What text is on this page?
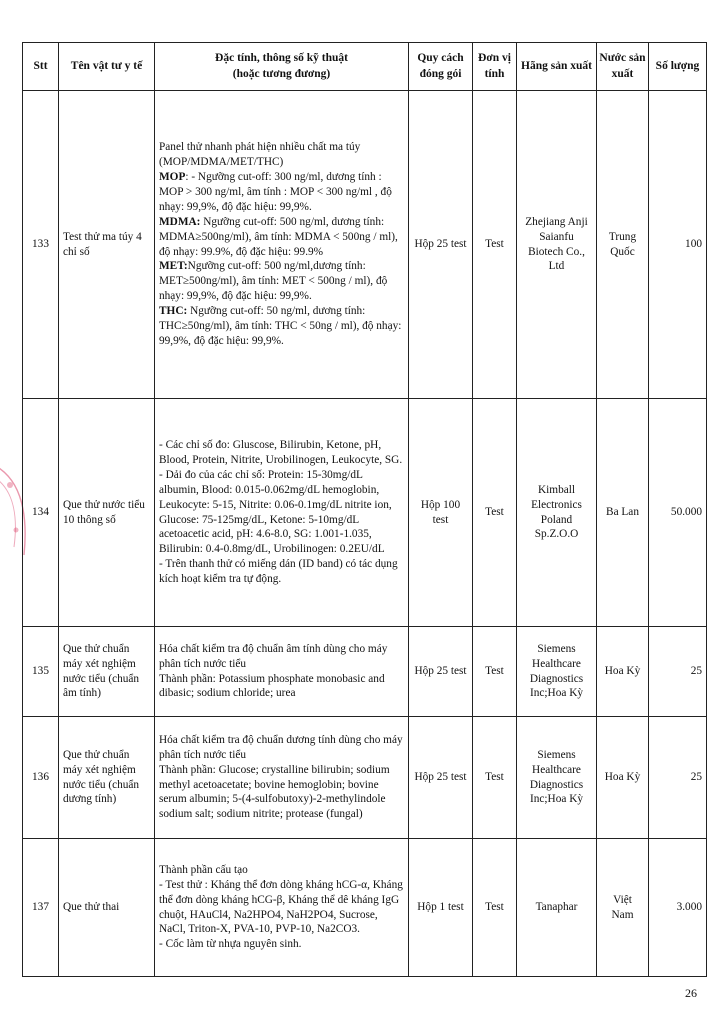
Stt	Tên vật tư y tế	Đặc tính, thông số kỹ thuật
(hoặc tương đương)	Quy cách đóng gói	Đơn vị tính	Hãng sản xuất	Nước sản xuất	Số lượng
133	Test thử ma túy 4 chỉ số	Panel thử nhanh phát hiện nhiều chất ma túy (MOP/MDMA/MET/THC)
MOP: - Ngưỡng cut-off: 300 ng/ml, dương tính : MOP > 300 ng/ml, âm tính : MOP < 300 ng/ml , độ nhạy: 99,9%, độ đặc hiệu: 99,9%.
MDMA: Ngưỡng cut-off: 500 ng/ml, dương tính: MDMA≥500ng/ml), âm tính: MDMA < 500ng / ml), độ nhạy: 99.9%, độ đặc hiệu: 99.9%
MET:Ngưỡng cut-off: 500 ng/ml,dương tính: MET≥500ng/ml), âm tính: MET < 500ng / ml), độ nhạy: 99,9%, độ đặc hiệu: 99,9%.
THC: Ngưỡng cut-off: 50 ng/ml, dương tính: THC≥50ng/ml), âm tính: THC < 50ng / ml), độ nhạy: 99,9%, độ đặc hiệu: 99,9%.	Hộp 25 test	Test	Zhejiang Anji Saianfu Biotech Co., Ltd	Trung Quốc	100
134	Que thử nước tiểu 10 thông số	- Các chỉ số đo: Gluscose, Bilirubin, Ketone, pH, Blood, Protein, Nitrite, Urobilinogen, Leukocyte, SG.
- Dải đo của các chỉ số: Protein: 15-30mg/dL albumin, Blood: 0.015-0.062mg/dL hemoglobin, Leukocyte: 5-15, Nitrite: 0.06-0.1mg/dL nitrite ion, Glucose: 75-125mg/dL, Ketone: 5-10mg/dL acetoacetic acid, pH: 4.6-8.0, SG: 1.001-1.035, Bilirubin: 0.4-0.8mg/dL, Urobilinogen: 0.2EU/dL
- Trên thanh thử có miếng dán (ID band) có tác dụng kích hoạt kiểm tra tự động.	Hộp 100 test	Test	Kimball Electronics Poland Sp.Z.O.O	Ba Lan	50.000
135	Que thử chuẩn máy xét nghiệm nước tiểu (chuẩn âm tính)	Hóa chất kiểm tra độ chuẩn âm tính dùng cho máy phân tích nước tiểu
Thành phần: Potassium phosphate monobasic and dibasic; sodium chloride; urea	Hộp 25 test	Test	Siemens Healthcare Diagnostics Inc;Hoa Kỳ	Hoa Kỳ	25
136	Que thử chuẩn máy xét nghiệm nước tiểu (chuẩn dương tính)	Hóa chất kiểm tra độ chuẩn dương tính dùng cho máy phân tích nước tiểu
Thành phần: Glucose; crystalline bilirubin; sodium methyl acetoacetate; bovine hemoglobin; bovine serum albumin; 5-(4-sulfobutoxy)-2-methylindole sodium salt; sodium nitrite; protease (fungal)	Hộp 25 test	Test	Siemens Healthcare Diagnostics Inc;Hoa Kỳ	Hoa Kỳ	25
137	Que thử thai	Thành phần cấu tạo
- Test thử : Kháng thể đơn dòng kháng hCG-α, Kháng thể đơn dòng kháng hCG-β, Kháng thể dê kháng IgG chuột, HAuCl4, Na2HPO4, NaH2PO4, Sucrose, NaCl, Triton-X, PVA-10, PVP-10, Na2CO3.
- Cốc làm từ nhựa nguyên sinh.	Hộp 1 test	Test	Tanaphar	Việt Nam	3.000
26
